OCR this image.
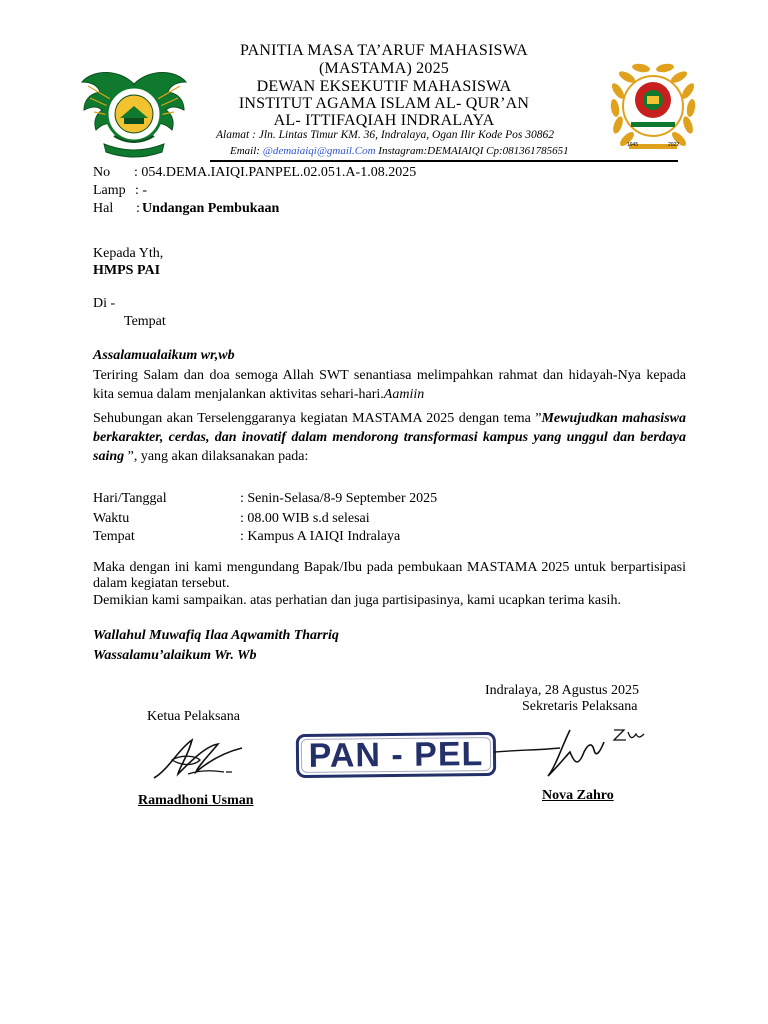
1945	2022
PANITIA MASA TA’ARUF MAHASISWA
(MASTAMA) 2025
DEWAN EKSEKUTIF MAHASISWA
INSTITUT AGAMA ISLAM AL- QUR’AN
AL- ITTIFAQIAH INDRALAYA
Alamat : Jln. Lintas Timur KM. 36, Indralaya, Ogan Ilir Kode Pos 30862
Email: @demaiaiqi@gmail.Com Instagram:DEMAIAIQI Cp:081361785651
No : 054.DEMA.IAIQI.PANPEL.02.051.A-1.08.2025
Lamp : -
Hal : Undangan Pembukaan
Kepada Yth,
HMPS PAI
Di -
Tempat
Assalamualaikum wr,wb
Teriring Salam dan doa semoga Allah SWT senantiasa melimpahkan rahmat dan hidayah-Nya kepada kita semua dalam menjalankan aktivitas sehari-hari.Aamiin
Sehubungan akan Terselenggaranya kegiatan MASTAMA 2025 dengan tema ”Mewujudkan mahasiswa berkarakter, cerdas, dan inovatif dalam mendorong transformasi kampus yang unggul dan berdaya saing ”, yang akan dilaksanakan pada:
Hari/Tanggal	: Senin-Selasa/8-9 September 2025
Waktu	: 08.00 WIB s.d selesai
Tempat	: Kampus A IAIQI Indralaya
Maka dengan ini kami mengundang Bapak/Ibu pada pembukaan MASTAMA 2025 untuk berpartisipasi dalam kegiatan tersebut.
Demikian kami sampaikan. atas perhatian dan juga partisipasinya, kami ucapkan terima kasih.
Wallahul Muwafiq Ilaa Aqwamith Tharriq
Wassalamu’alaikum Wr. Wb
Indralaya, 28 Agustus 2025
Sekretaris Pelaksana
Ketua Pelaksana
PAN - PEL
Ramadhoni Usman	Nova Zahro
